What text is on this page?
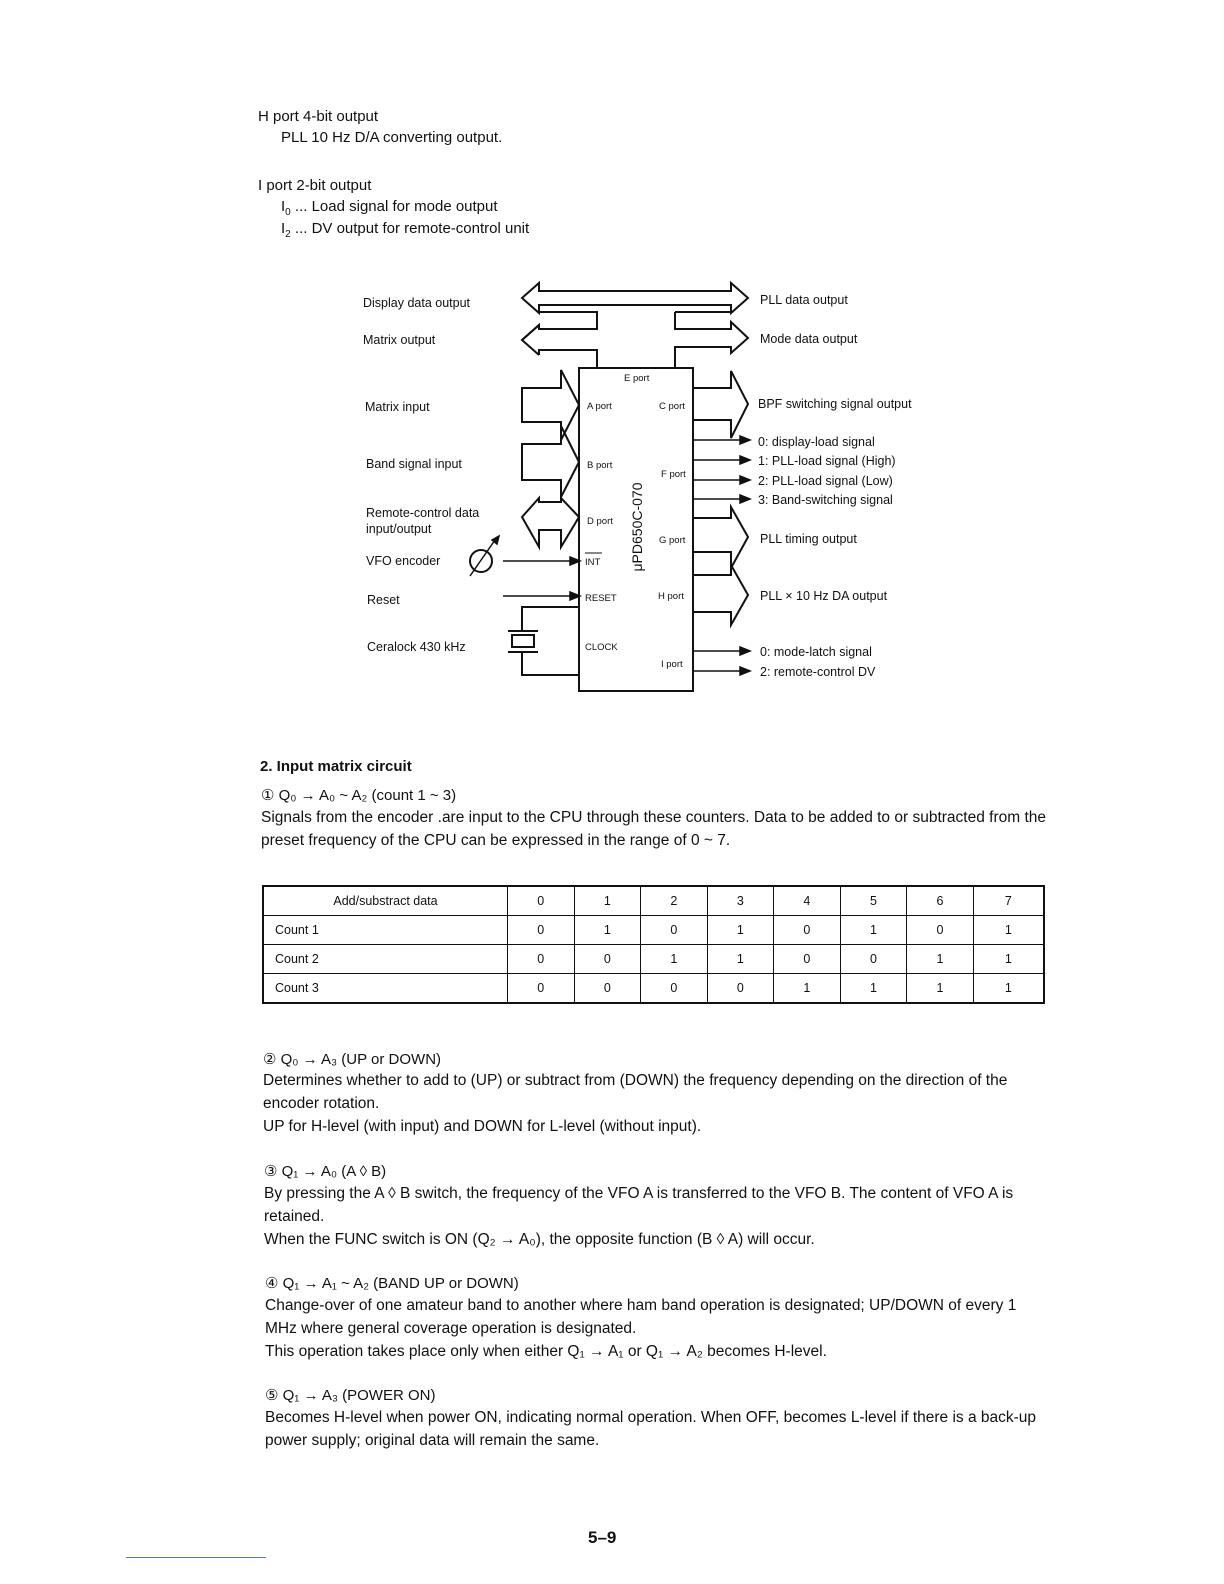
H port 4-bit output
PLL 10 Hz D/A converting output.
I port 2-bit output
$I_0$ ... Load signal for mode output
$I_2$ ... DV output for remote-control unit
Display data output
Matrix output
Matrix input
Band signal input
Remote-control data
input/output
VFO encoder
Reset
Ceralock 430 kHz
E port
A port	C port
B port
F port
D port
G port
INT
RESET	H port
CLOCK
I port
μPD650C-070
PLL data output
Mode data output
BPF switching signal output
0: display-load signal
1: PLL-load signal (High)
2: PLL-load signal (Low)
3: Band-switching signal
PLL timing output
PLL × 10 Hz DA output
0: mode-latch signal
2: remote-control DV
2. Input matrix circuit
① Q₀ → A₀ ~ A₂ (count 1 ~ 3)
Signals from the encoder .are input to the CPU through these counters. Data to be added to or subtracted from the preset frequency of the CPU can be expressed in the range of 0 ~ 7.
Add/substract data	0	1	2	3	4	5	6	7
Count 1	0	1	0	1	0	1	0	1
Count 2	0	0	1	1	0	0	1	1
Count 3	0	0	0	0	1	1	1	1
② Q₀ → A₃ (UP or DOWN)
Determines whether to add to (UP) or subtract from (DOWN) the frequency depending on the direction of the encoder rotation.
UP for H-level (with input) and DOWN for L-level (without input).
③ Q₁ → A₀ (A ◊ B)
By pressing the A ◊ B switch, the frequency of the VFO A is transferred to the VFO B. The content of VFO A is retained.
When the FUNC switch is ON (Q₂ → A₀), the opposite function (B ◊ A) will occur.
④ Q₁ → A₁ ~ A₂ (BAND UP or DOWN)
Change-over of one amateur band to another where ham band operation is designated; UP/DOWN of every 1 MHz where general coverage operation is designated.
This operation takes place only when either Q₁ → A₁ or Q₁ → A₂ becomes H-level.
⑤ Q₁ → A₃ (POWER ON)
Becomes H-level when power ON, indicating normal operation. When OFF, becomes L-level if there is a back-up power supply; original data will remain the same.
5–9
